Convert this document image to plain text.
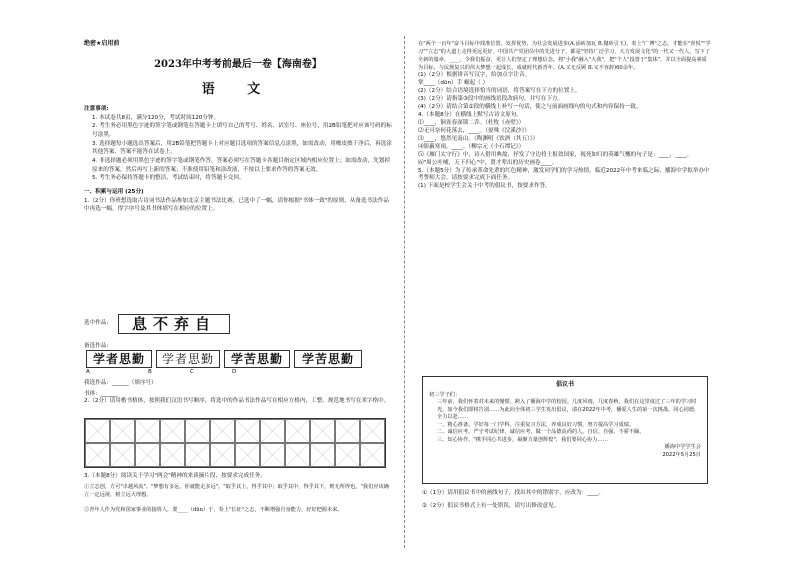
绝密★启用前
2023年中考考前最后一卷【海南卷】
语 文
注意事项:
1. 本试卷共8页，满分120分，考试时间120分钟。
2. 考生务必用黑色字迹的签字笔或钢笔在答题卡上填写自己的考号、姓名、试室号、座位号，用2B铅笔把对应该号码的标号涂黑。
3. 选择题每小题选出答案后，用2B铅笔把答题卡上对应题目选项的答案信息点涂黑，如需改动，用橡皮擦干净后，再选涂其他答案，答案不能答在试卷上。
4. 非选择题必须用黑色字迹的签字笔或钢笔作答，答案必须写在答题卡各题目指定区域内相应位置上；如需改动，先划掉原来的答案，然后再写上新的答案；不准使用铅笔和涂改液，不按以上要求作答的答案无效。
5. 考生务必保持答题卡的整洁，考试结束时，将答题卡交回。
一、积累与运用 (25分)
1.（2分）你班想选取古诗词书法作品参加北京主题书法比赛，已选中了一幅，请你根据"书体一致"的原则，从备选书法作品中再选一幅，得字序号及其书体填写在相应的位置上。
选中作品:	息不弃自
备选作品:
学者思勤	学者思勤	学苦思勤	学苦思勤
A	B	C	D
我选作品：______（填序号）
书体：______
2.（2分）请用楷书格体，按照我们汉语书写顺序，将选中的作品书法作品写在相应方格内，工整、规范地书写在米字格中。
3.（本题8分）阅读关于学习"两会"精神的来谈摘片段，按要求完成任务。
①立志创，方可"卓越风流"。"梦想有多远，你就能走多远"。"取乎其上，得乎其中；取乎其中，得乎其下，则无所得也。"我们应该确立一定远视，树立远大理想。
②青年人作为党和国家事业的接班人，要____（dūn）于，奏上"长征"之志，不断增强自身能力，好好把握未来。
在"两个一百年"奋斗目标中找准位置，发挥优势，为社会发展进步(A.添砖加瓦 B.抛砖引玉)。奏上"广博"之志，才能在"喜悦""学习""立志"的大道上走得更远更好。中国共产党团员中的先进分子，都是"坚持广泛学习，大力发展文化"的一代又一代人，写下了全新的篇章，____，令我们振奋，更让人们坚定了理想信念。将"小我"融入"大我"，把"个人"投置于"集体"，并以全面提高素质为目标，与民族复兴的伟大梦想一起成长，成就时代新青年。(A.又无反顾 B.义不容辞)60余年。
(1)（2分）根据拼音写汉字，给加点字注音。
掌____（dūn）手 崛起（ ）
(2)（2分）结合语境选择恰当的词语，将答案写在下方的位置上。
(3)（2分）请指第③段中的画线语段改病句，并写在下方。
(4)（2分）请结合第②段的横线上补写一句话，使之与前面画线句的句式和内容保持一致。
4.（本题8分）在横线上默写古诗文原句。
⑴____，铜雀春深锁二乔。（杜牧《赤壁》）
⑵无可奈何花落去，____。（晏殊《浣溪沙》）
⑶____，悠然见南山。（陶渊明《饮酒（其五）》）
⑷影蔽寒雨，____。（柳宗元《小石潭记》）
⑸《雁门太守行》中，诗人借用典故，抒发了守边将士报效国家，视死如归的英雄气概的句子是：____，____。
⑹"周公吐哺，天下归心"中，贤才辈出的历史画卷____。
5.（本题5分）为了传承革命先辈的红色精神，激发同学们的学习热情，临近2022年中考来临之际，播海中学拟举办中考誓师大会，请按要求完成下面任务。
(1) 下面是校学生会关于中考的倡议书，按要求作答。
倡议书
初三学子们：
三年前，我们怀着对未来的憧憬，跨入了播海中学的校园。几度风雨，几度春秋，我们在这里度过了三年的学习时光，如今我们即将告别……为此向全体初三学生发出倡议，请在2022年中考，播爱人生的第一次挑战，同心同德，全力以赴……
一、精心准备。学好每一门学科，注重复习方法，养成良好习惯，努力提高学习成绩。
二、诚信应考。严守考试纪律，诚信应考，做一个品德高尚的人，自信、自强、不骄不躁。
三、知心协作。"携手同心共进步，凝聚力量创辉煌"，我们要同心协力……
播海中学学生会
2022年5月25日
①（1分）请用倡议书中的画线句子，找出其中的错别字，应改为：____。
②（2分）倡议书格式上有一处错误，请写出修改意见。
